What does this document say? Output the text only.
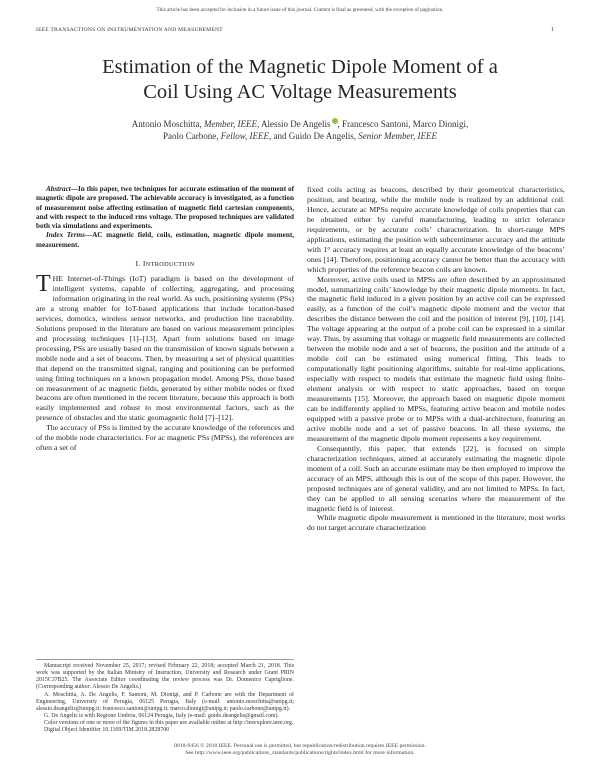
This article has been accepted for inclusion in a future issue of this journal. Content is final as presented, with the exception of pagination.
IEEE TRANSACTIONS ON INSTRUMENTATION AND MEASUREMENT	1
Estimation of the Magnetic Dipole Moment of a
Coil Using AC Voltage Measurements
Antonio Moschitta, Member, IEEE, Alessio De Angelis , Francesco Santoni, Marco Dionigi,
Paolo Carbone, Fellow, IEEE, and Guido De Angelis, Senior Member, IEEE

Abstract—In this paper, two techniques for accurate estimation of the moment of magnetic dipole are proposed. The achievable accuracy is investigated, as a function of measurement noise affecting estimation of magnetic field cartesian components, and with respect to the induced rms voltage. The proposed techniques are validated both via simulations and experiments.

Index Terms—AC magnetic field, coils, estimation, magnetic dipole moment, measurement.

I. INTRODUCTION

THE Internet-of-Things (IoT) paradigm is based on the development of intelligent systems, capable of collecting, aggregating, and processing information originating in the real world. As such, positioning systems (PSs) are a strong enabler for IoT-based applications that include location-based services, domotics, wireless sensor networks, and production line traceability. Solutions proposed in the literature are based on various measurement principles and processing techniques [1]–[13]. Apart from solutions based on image processing, PSs are usually based on the transmission of known signals between a mobile node and a set of beacons. Then, by measuring a set of physical quantities that depend on the transmitted signal, ranging and positioning can be performed using fitting techniques on a known propagation model. Among PSs, those based on measurement of ac magnetic fields, generated by either mobile nodes or fixed beacons are often mentioned in the recent literature, because this approach is both easily implemented and robust to most environmental factors, such as the presence of obstacles and the static geomagnetic field [7]–[12].

The accuracy of PSs is limited by the accurate knowledge of the references and of the mobile node characteristics. For ac magnetic PSs (MPSs), the references are often a set of

Manuscript received November 25, 2017; revised February 22, 2018; accepted March 21, 2018. This work was supported by the Italian Ministry of Instruction, University and Research under Grant PRIN 2015C37B25. The Associate Editor coordinating the review process was Dr. Domenico Capriglione. (Corresponding author: Alessio De Angelis.)

A. Moschitta, A. De Angelis, F. Santoni, M. Dionigi, and P. Carbone are with the Department of Engineering, University of Perugia, 06125 Perugia, Italy (e-mail: antonio.moschitta@unipg.it; alessio.deangelis@unipg.it; francesco.santoni@unipg.it; marco.dionigi@unipg.it; paolo.carbone@unipg.it).

G. De Angelis is with Regione Umbria, 06124 Perugia, Italy (e-mail: guido.deangelis@gmail.com).

Color versions of one or more of the figures in this paper are available online at http://ieeexplore.ieee.org.

Digital Object Identifier 10.1109/TIM.2018.2828700

fixed coils acting as beacons, described by their geometrical characteristics, position, and bearing, while the mobile node is realized by an additional coil. Hence, accurate ac MPSs require accurate knowledge of coils properties that can be obtained either by careful manufacturing, leading to strict tolerance requirements, or by accurate coils’ characterization. In short-range MPS applications, estimating the position with subcentimeter accuracy and the attitude with 1° accuracy requires at least an equally accurate knowledge of the beacons’ ones [14]. Therefore, positioning accuracy cannot be better than the accuracy with which properties of the reference beacon coils are known.

Moreover, active coils used in MPSs are often described by an approximated model, summarizing coils’ knowledge by their magnetic dipole moments. In fact, the magnetic field induced in a given position by an active coil can be expressed easily, as a function of the coil’s magnetic dipole moment and the vector that describes the distance between the coil and the position of interest [9], [10], [14]. The voltage appearing at the output of a probe coil can be expressed in a similar way. Thus, by assuming that voltage or magnetic field measurements are collected between the mobile node and a set of beacons, the position and the attitude of a mobile coil can be estimated using numerical fitting. This leads to computationally light positioning algorithms, suitable for real-time applications, especially with respect to models that estimate the magnetic field using finite-element analysis or with respect to static approaches, based on torque measurements [15]. Moreover, the approach based on magnetic dipole moment can be indifferently applied to MPSs, featuring active beacon and mobile nodes equipped with a passive probe or to MPSs with a dual-architecture, featuring an active mobile node and a set of passive beacons. In all these systems, the measurement of the magnetic dipole moment represents a key requirement.

Consequently, this paper, that extends [22], is focused on simple characterization techniques, aimed at accurately estimating the magnetic dipole moment of a coil. Such an accurate estimate may be then employed to improve the accuracy of an MPS, although this is out of the scope of this paper. However, the proposed techniques are of general validity, and are not limited to MPSs. In fact, they can be applied to all sensing scenarios where the measurement of the magnetic field is of interest.

While magnetic dipole measurement is mentioned in the literature, most works do not target accurate characterization

0018-9456 © 2018 IEEE. Personal use is permitted, but republication/redistribution requires IEEE permission.
See http://www.ieee.org/publications_standards/publications/rights/index.html for more information.
